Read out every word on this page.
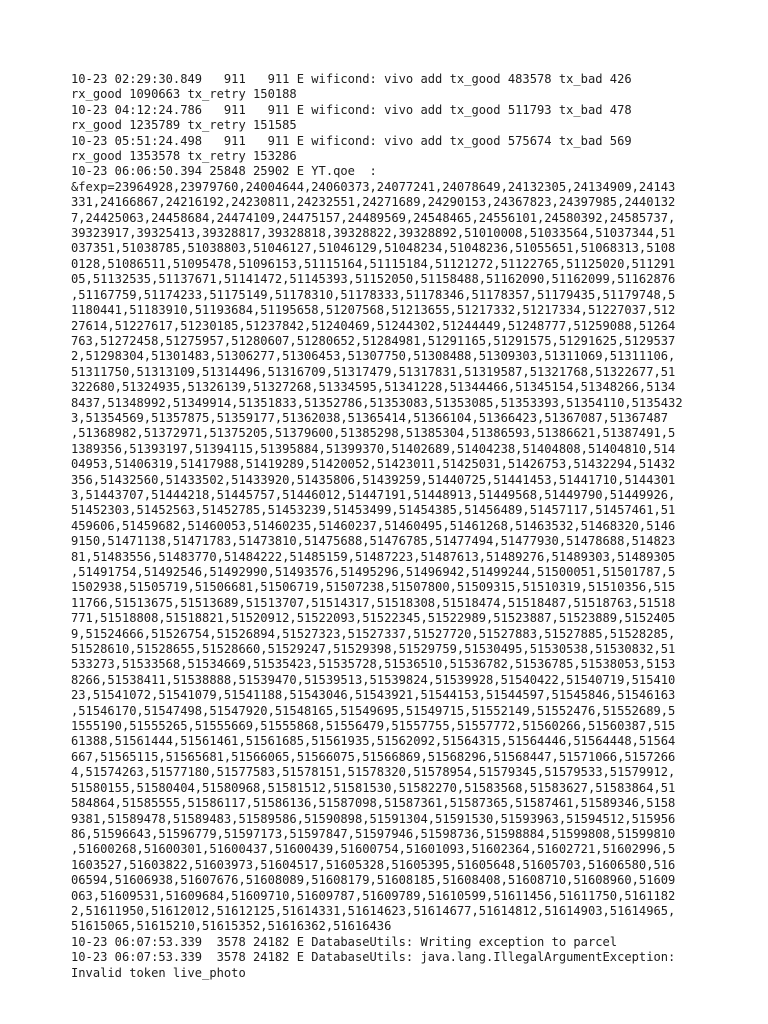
10-23 02:29:30.849   911   911 E wificond: vivo add tx_good 483578 tx_bad 426

rx_good 1090663 tx_retry 150188

10-23 04:12:24.786   911   911 E wificond: vivo add tx_good 511793 tx_bad 478

rx_good 1235789 tx_retry 151585

10-23 05:51:24.498   911   911 E wificond: vivo add tx_good 575674 tx_bad 569

rx_good 1353578 tx_retry 153286

10-23 06:06:50.394 25848 25902 E YT.qoe  :

&fexp=23964928,23979760,24004644,24060373,24077241,24078649,24132305,24134909,24143

331,24166867,24216192,24230811,24232551,24271689,24290153,24367823,24397985,2440132

7,24425063,24458684,24474109,24475157,24489569,24548465,24556101,24580392,24585737,

39323917,39325413,39328817,39328818,39328822,39328892,51010008,51033564,51037344,51

037351,51038785,51038803,51046127,51046129,51048234,51048236,51055651,51068313,5108

0128,51086511,51095478,51096153,51115164,51115184,51121272,51122765,51125020,511291

05,51132535,51137671,51141472,51145393,51152050,51158488,51162090,51162099,51162876

,51167759,51174233,51175149,51178310,51178333,51178346,51178357,51179435,51179748,5

1180441,51183910,51193684,51195658,51207568,51213655,51217332,51217334,51227037,512

27614,51227617,51230185,51237842,51240469,51244302,51244449,51248777,51259088,51264

763,51272458,51275957,51280607,51280652,51284981,51291165,51291575,51291625,5129537

2,51298304,51301483,51306277,51306453,51307750,51308488,51309303,51311069,51311106,

51311750,51313109,51314496,51316709,51317479,51317831,51319587,51321768,51322677,51

322680,51324935,51326139,51327268,51334595,51341228,51344466,51345154,51348266,5134

8437,51348992,51349914,51351833,51352786,51353083,51353085,51353393,51354110,5135432

3,51354569,51357875,51359177,51362038,51365414,51366104,51366423,51367087,51367487

,51368982,51372971,51375205,51379600,51385298,51385304,51386593,51386621,51387491,5

1389356,51393197,51394115,51395884,51399370,51402689,51404238,51404808,51404810,514

04953,51406319,51417988,51419289,51420052,51423011,51425031,51426753,51432294,51432

356,51432560,51433502,51433920,51435806,51439259,51440725,51441453,51441710,5144301

3,51443707,51444218,51445757,51446012,51447191,51448913,51449568,51449790,51449926,

51452303,51452563,51452785,51453239,51453499,51454385,51456489,51457117,51457461,51

459606,51459682,51460053,51460235,51460237,51460495,51461268,51463532,51468320,5146

9150,51471138,51471783,51473810,51475688,51476785,51477494,51477930,51478688,514823

81,51483556,51483770,51484222,51485159,51487223,51487613,51489276,51489303,51489305

,51491754,51492546,51492990,51493576,51495296,51496942,51499244,51500051,51501787,5

1502938,51505719,51506681,51506719,51507238,51507800,51509315,51510319,51510356,515

11766,51513675,51513689,51513707,51514317,51518308,51518474,51518487,51518763,51518

771,51518808,51518821,51520912,51522093,51522345,51522989,51523887,51523889,5152405

9,51524666,51526754,51526894,51527323,51527337,51527720,51527883,51527885,51528285,

51528610,51528655,51528660,51529247,51529398,51529759,51530495,51530538,51530832,51

533273,51533568,51534669,51535423,51535728,51536510,51536782,51536785,51538053,5153

8266,51538411,51538888,51539470,51539513,51539824,51539928,51540422,51540719,515410

23,51541072,51541079,51541188,51543046,51543921,51544153,51544597,51545846,51546163

,51546170,51547498,51547920,51548165,51549695,51549715,51552149,51552476,51552689,5

1555190,51555265,51555669,51555868,51556479,51557755,51557772,51560266,51560387,515

61388,51561444,51561461,51561685,51561935,51562092,51564315,51564446,51564448,51564

667,51565115,51565681,51566065,51566075,51566869,51568296,51568447,51571066,5157266

4,51574263,51577180,51577583,51578151,51578320,51578954,51579345,51579533,51579912,

51580155,51580404,51580968,51581512,51581530,51582270,51583568,51583627,51583864,51

584864,51585555,51586117,51586136,51587098,51587361,51587365,51587461,51589346,5158

9381,51589478,51589483,51589586,51590898,51591304,51591530,51593963,51594512,515956

86,51596643,51596779,51597173,51597847,51597946,51598736,51598884,51599808,51599810

,51600268,51600301,51600437,51600439,51600754,51601093,51602364,51602721,51602996,5

1603527,51603822,51603973,51604517,51605328,51605395,51605648,51605703,51606580,516

06594,51606938,51607676,51608089,51608179,51608185,51608408,51608710,51608960,51609

063,51609531,51609684,51609710,51609787,51609789,51610599,51611456,51611750,5161182

2,51611950,51612012,51612125,51614331,51614623,51614677,51614812,51614903,51614965,

51615065,51615210,51615352,51616362,51616436

10-23 06:07:53.339  3578 24182 E DatabaseUtils: Writing exception to parcel

10-23 06:07:53.339  3578 24182 E DatabaseUtils: java.lang.IllegalArgumentException:

Invalid token live_photo
